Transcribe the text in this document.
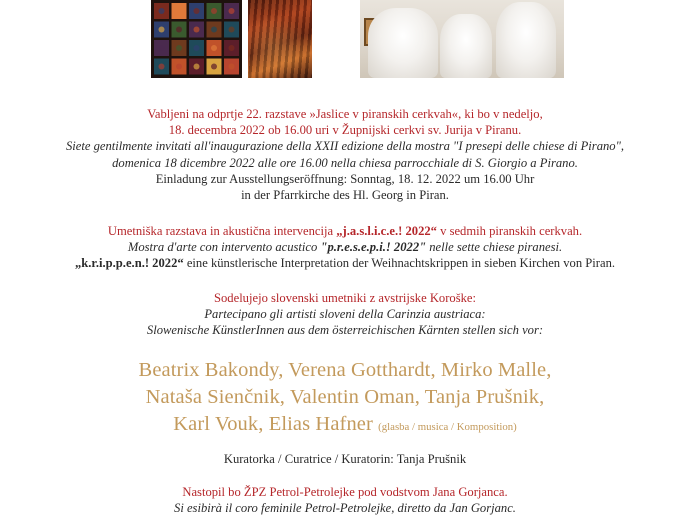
Vabljeni na odprtje 22. razstave »Jaslice v piranskih cerkvah«, ki bo v nedeljo,
18. decembra 2022 ob 16.00 uri v Župnijski cerkvi sv. Jurija v Piranu.
Siete gentilmente invitati all'inaugurazione della XXII edizione della mostra "I presepi delle chiese di Pirano",
domenica 18 dicembre 2022 alle ore 16.00 nella chiesa parrocchiale di S. Giorgio a Pirano.
Einladung zur Ausstellungseröffnung: Sonntag, 18. 12. 2022 um 16.00 Uhr
in der Pfarrkirche des Hl. Georg in Piran.
Umetniška razstava in akustična intervencija „j.a.s.l.i.c.e.! 2022“ v sedmih piranskih cerkvah.
Mostra d'arte con intervento acustico "p.r.e.s.e.p.i.! 2022" nelle sette chiese piranesi.
„k.r.i.p.p.e.n.! 2022“ eine künstlerische Interpretation der Weihnachtskrippen in sieben Kirchen von Piran.
Sodelujejo slovenski umetniki z avstrijske Koroške:
Partecipano gli artisti sloveni della Carinzia austriaca:
Slowenische KünstlerInnen aus dem österreichischen Kärnten stellen sich vor:
Beatrix Bakondy, Verena Gotthardt, Mirko Malle,
Nataša Sienčnik, Valentin Oman, Tanja Prušnik,
Karl Vouk, Elias Hafner (glasba / musica / Komposition)
Kuratorka / Curatrice / Kuratorin: Tanja Prušnik
Nastopil bo ŽPZ Petrol-Petrolejke pod vodstvom Jana Gorjanca.
Si esibirà il coro feminile Petrol-Petrolejke, diretto da Jan Gorjanc.
